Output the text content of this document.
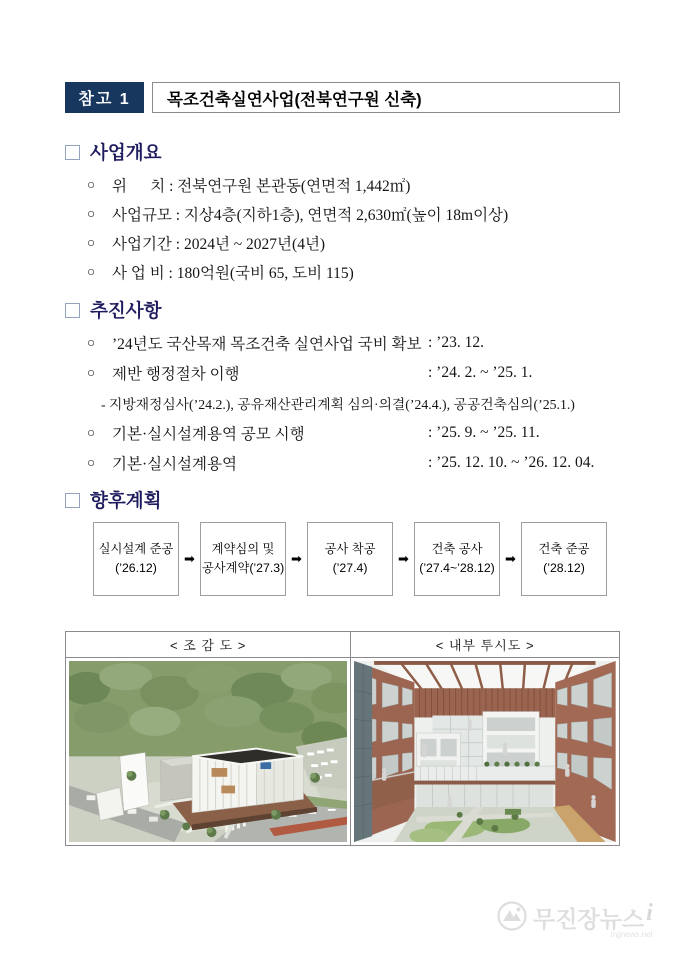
참고 1	목조건축실연사업(전북연구원 신축)
사업개요
○	위      치 : 전북연구원 본관동(연면적 1,442㎡)
○	사업규모 : 지상4층(지하1층), 연면적 2,630㎡(높이 18m이상)
○	사업기간 : 2024년 ~ 2027년(4년)
○	사 업 비 : 180억원(국비 65, 도비 115)
추진사항
○	’24년도 국산목재 목조건축 실연사업 국비 확보 : ’23. 12.
○	제반 행정절차 이행	: ’24. 2. ~ ’25. 1.
- 지방재정심사(’24.2.), 공유재산관리계획 심의·의결(’24.4.), 공공건축심의(’25.1.)
○	기본·실시설계용역 공모 시행	: ’25. 9. ~ ’25. 11.
○	기본·실시설계용역	: ’25. 12. 10. ~ ’26. 12. 04.
향후계획
실시설계 준공
(’26.12)
➡
계약심의 및
공사계약(’27.3)
➡
공사 착공
(’27.4)
➡
건축 공사
(’27.4~’28.12)
➡
건축 준공
(’28.12)
< 조 감 도 >	< 내부 투시도 >
무진장뉴스 i
mjjnews.net
